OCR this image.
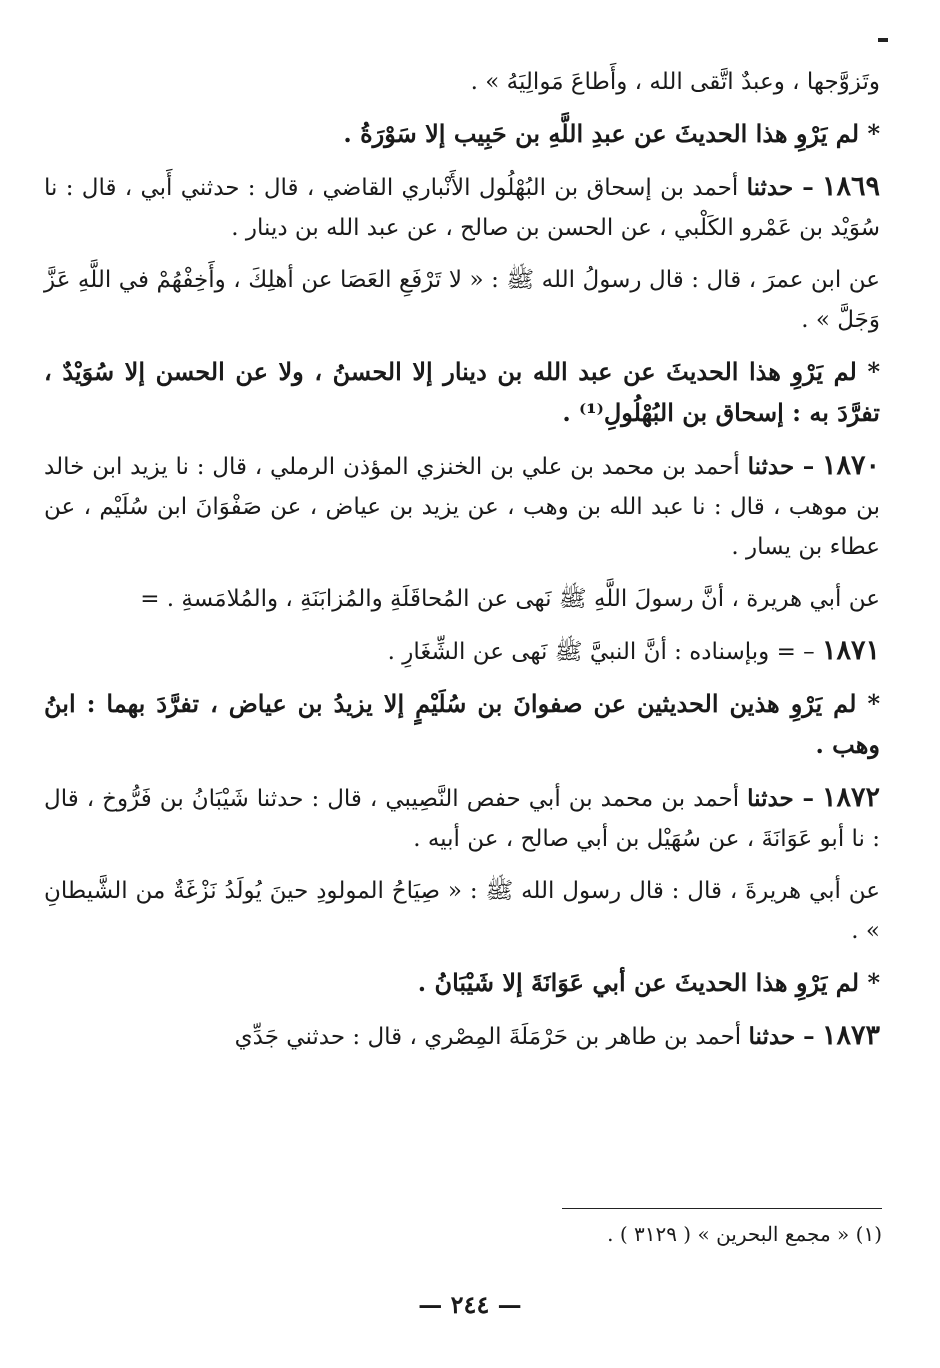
وتَزوَّجها ، وعبدٌ اتَّقى الله ، وأَطاعَ مَوالِيَهُ » .

* لم يَرْوِ هذا الحديثَ عن عبدِ اللَّهِ بن حَبِيب إلا سَوْرَةُ .

١٨٦٩ – حدثنا أحمد بن إسحاق بن البُهْلُول الأَنْباري القاضي ، قال : حدثني أَبي ، قال : نا سُوَيْد بن عَمْرو الكَلْبي ، عن الحسن بن صالح ، عن عبد الله بن دينار .

عن ابن عمرَ ، قال : قال رسولُ الله ﷺ : « لا تَرْفَعِ العَصَا عن أهلِكَ ، وأَخِفْهُمْ في اللَّهِ عَزَّ وَجَلَّ » .

* لم يَرْوِ هذا الحديثَ عن عبد الله بن دينار إلا الحسنُ ، ولا عن الحسن إلا سُوَيْدٌ ، تفرَّدَ به : إسحاق بن البُهْلُولِ⁽¹⁾ .

١٨٧٠ – حدثنا أحمد بن محمد بن علي بن الخنزي المؤذن الرملي ، قال : نا يزيد ابن خالد بن موهب ، قال : نا عبد الله بن وهب ، عن يزيد بن عياض ، عن صَفْوَانَ ابن سُلَيْم ، عن عطاء بن يسار .

عن أبي هريرة ، أنَّ رسولَ اللَّهِ ﷺ نَهى عن المُحاقَلَةِ والمُزابَنَةِ ، والمُلامَسةِ . =

١٨٧١ – = وبإسناده : أنَّ النبيَّ ﷺ نَهى عن الشِّغَارِ .

* لم يَرْوِ هذين الحديثين عن صفوانَ بن سُلَيْمٍ إلا يزيدُ بن عياض ، تفرَّدَ بهما : ابنُ وهب .

١٨٧٢ – حدثنا أحمد بن محمد بن أبي حفص النَّصِيبي ، قال : حدثنا شَيْبَانُ بن فَرُّوخ ، قال : نا أبو عَوَانَةَ ، عن سُهَيْل بن أبي صالح ، عن أبيه .

عن أبي هريرةَ ، قال : قال رسول الله ﷺ : « صِيَاحُ المولودِ حينَ يُولَدُ نَزْغَةٌ من الشَّيطانِ » .

* لم يَرْوِ هذا الحديثَ عن أبي عَوَانَةَ إلا شَيْبَانُ .

١٨٧٣ – حدثنا أحمد بن طاهر بن حَرْمَلَةَ المِصْري ، قال : حدثني جَدِّي

(١) « مجمع البحرين » ( ٣١٢٩ ) .
— ٢٤٤ —
